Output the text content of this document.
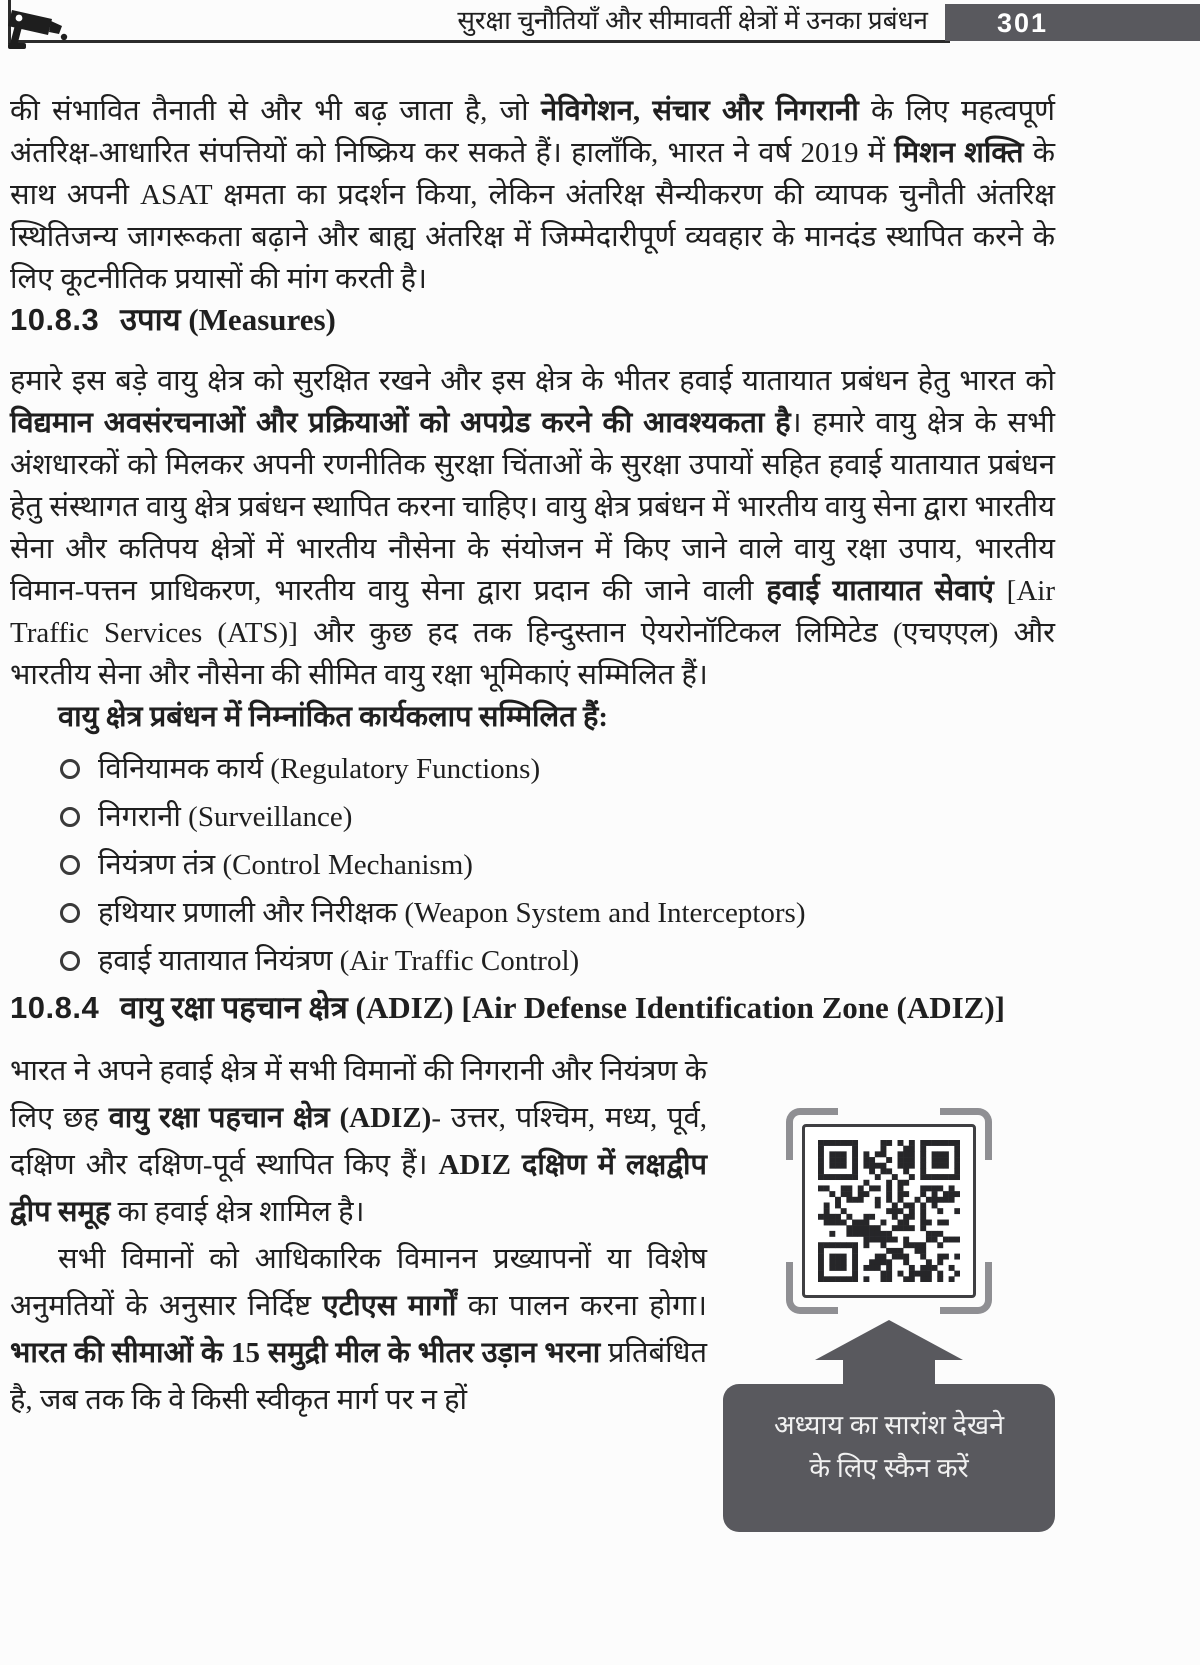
सुरक्षा चुनौतियाँ और सीमावर्ती क्षेत्रों में उनका प्रबंधन	301

की संभावित तैनाती से और भी बढ़ जाता है, जो नेविगेशन, संचार और निगरानी के लिए महत्वपूर्ण अंतरिक्ष-आधारित संपत्तियों को निष्क्रिय कर सकते हैं। हालाँकि, भारत ने वर्ष 2019 में मिशन शक्ति के साथ अपनी ASAT क्षमता का प्रदर्शन किया, लेकिन अंतरिक्ष सैन्यीकरण की व्यापक चुनौती अंतरिक्ष स्थितिजन्य जागरूकता बढ़ाने और बाह्य अंतरिक्ष में जिम्मेदारीपूर्ण व्यवहार के मानदंड स्थापित करने के लिए कूटनीतिक प्रयासों की मांग करती है।

10.8.3 उपाय (Measures)

हमारे इस बड़े वायु क्षेत्र को सुरक्षित रखने और इस क्षेत्र के भीतर हवाई यातायात प्रबंधन हेतु भारत को विद्यमान अवसंरचनाओं और प्रक्रियाओं को अपग्रेड करने की आवश्यकता है। हमारे वायु क्षेत्र के सभी अंशधारकों को मिलकर अपनी रणनीतिक सुरक्षा चिंताओं के सुरक्षा उपायों सहित हवाई यातायात प्रबंधन हेतु संस्थागत वायु क्षेत्र प्रबंधन स्थापित करना चाहिए। वायु क्षेत्र प्रबंधन में भारतीय वायु सेना द्वारा भारतीय सेना और कतिपय क्षेत्रों में भारतीय नौसेना के संयोजन में किए जाने वाले वायु रक्षा उपाय, भारतीय विमान-पत्तन प्राधिकरण, भारतीय वायु सेना द्वारा प्रदान की जाने वाली हवाई यातायात सेवाएं [Air Traffic Services (ATS)] और कुछ हद तक हिन्दुस्तान ऐयरोनॉटिकल लिमिटेड (एचएएल) और भारतीय सेना और नौसेना की सीमित वायु रक्षा भूमिकाएं सम्मिलित हैं।

वायु क्षेत्र प्रबंधन में निम्नांकित कार्यकलाप सम्मिलित हैं:

विनियामक कार्य (Regulatory Functions)
निगरानी (Surveillance)
नियंत्रण तंत्र (Control Mechanism)
हथियार प्रणाली और निरीक्षक (Weapon System and Interceptors)
हवाई यातायात नियंत्रण (Air Traffic Control)
10.8.4 वायु रक्षा पहचान क्षेत्र (ADIZ) [Air Defense Identification Zone (ADIZ)]
अध्याय का सारांश देखने
के लिए स्कैन करें

भारत ने अपने हवाई क्षेत्र में सभी विमानों की निगरानी और नियंत्रण के लिए छह वायु रक्षा पहचान क्षेत्र (ADIZ)- उत्तर, पश्चिम, मध्य, पूर्व, दक्षिण और दक्षिण-पूर्व स्थापित किए हैं। ADIZ दक्षिण में लक्षद्वीप द्वीप समूह का हवाई क्षेत्र शामिल है।

सभी विमानों को आधिकारिक विमानन प्रख्यापनों या विशेष अनुमतियों के अनुसार निर्दिष्ट एटीएस मार्गों का पालन करना होगा। भारत की सीमाओं के 15 समुद्री मील के भीतर उड़ान भरना प्रतिबंधित है, जब तक कि वे किसी स्वीकृत मार्ग पर न हों
